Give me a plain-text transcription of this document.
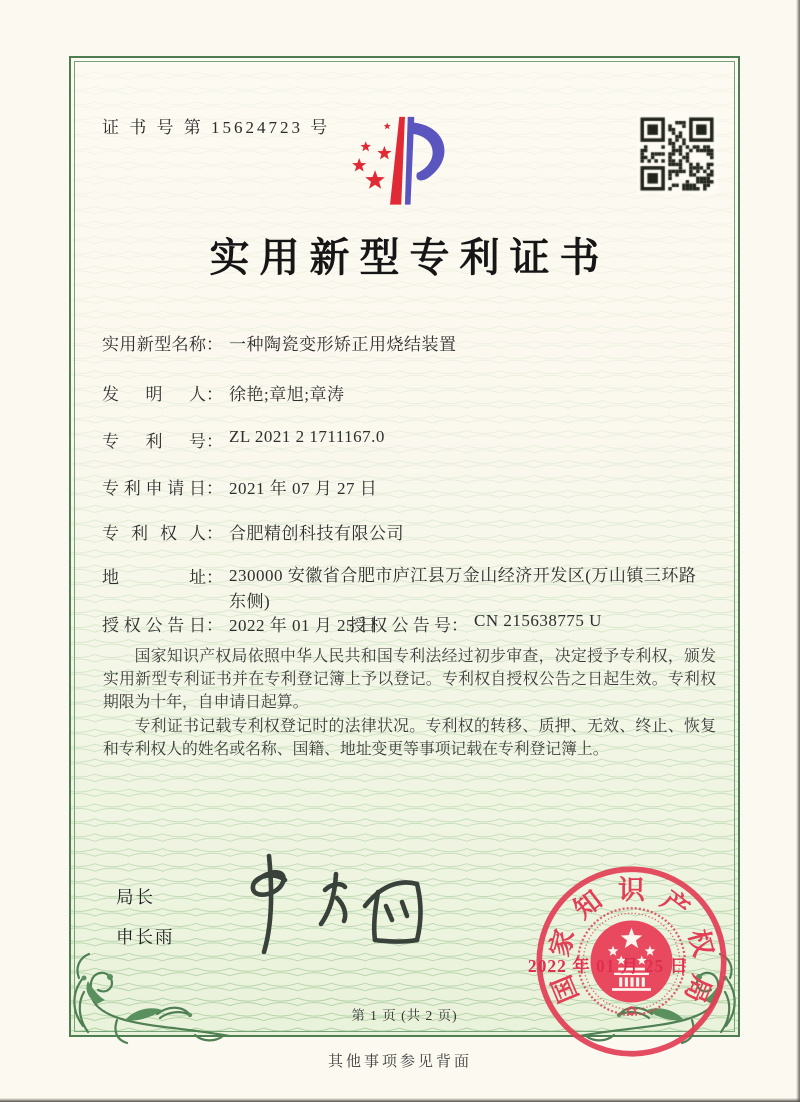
证 书 号 第 15624723 号
实用新型专利证书
实用新型名称： 一种陶瓷变形矫正用烧结装置
发明人： 徐艳;章旭;章涛
专利号： ZL 2021 2 1711167.0
专利申请日： 2021 年 07 月 27 日
专利权人： 合肥精创科技有限公司
地址： 230000 安徽省合肥市庐江县万金山经济开发区(万山镇三环路东侧)
授权公告日： 2022 年 01 月 25 日
授权公告号： CN 215638775 U

国家知识产权局依照中华人民共和国专利法经过初步审查，决定授予专利权，颁发实用新型专利证书并在专利登记簿上予以登记。专利权自授权公告之日起生效。专利权期限为十年，自申请日起算。

专利证书记载专利权登记时的法律状况。专利权的转移、质押、无效、终止、恢复和专利权人的姓名或名称、国籍、地址变更等事项记载在专利登记簿上。

局长
申长雨
国
家
知 识 产
权
局
2022 年 01 月 25 日
第 1 页 (共 2 页)
其他事项参见背面
